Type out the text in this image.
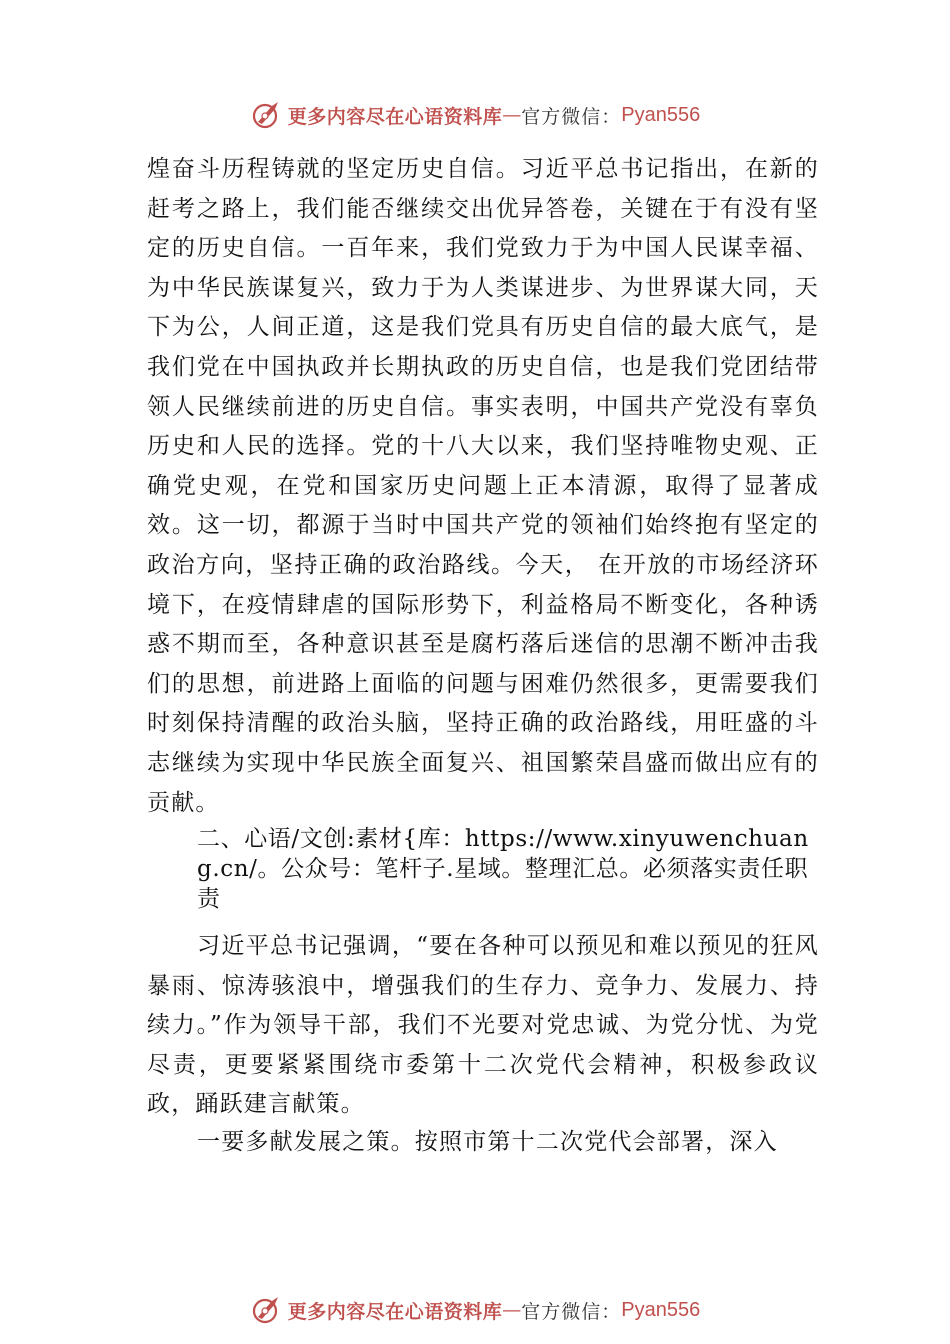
更多内容尽在心语资料库 — 官方微信： Pyan556

煌奋斗历程铸就的坚定历史自信。习近平总书记指出，在新的赶考之路上，我们能否继续交出优异答卷，关键在于有没有坚定的历史自信。一百年来，我们党致力于为中国人民谋幸福、为中华民族谋复兴，致力于为人类谋进步、为世界谋大同，天下为公，人间正道，这是我们党具有历史自信的最大底气，是我们党在中国执政并长期执政的历史自信，也是我们党团结带领人民继续前进的历史自信。事实表明，中国共产党没有辜负历史和人民的选择。党的十八大以来，我们坚持唯物史观、正确党史观，在党和国家历史问题上正本清源，取得了显著成效。这一切，都源于当时中国共产党的领袖们始终抱有坚定的政治方向，坚持正确的政治路线。今天， 在开放的市场经济环境下，在疫情肆虐的国际形势下，利益格局不断变化，各种诱惑不期而至，各种意识甚至是腐朽落后迷信的思潮不断冲击我们的思想，前进路上面临的问题与困难仍然很多，更需要我们时刻保持清醒的政治头脑，坚持正确的政治路线，用旺盛的斗志继续为实现中华民族全面复兴、祖国繁荣昌盛而做出应有的贡献。

二、心语/文创:素材{库：https://www.xinyuwenchuang.cn/。公众号：笔杆子.星域。整理汇总。必须落实责任职责

习近平总书记强调，“要在各种可以预见和难以预见的狂风暴雨、惊涛骇浪中，增强我们的生存力、竞争力、发展力、持续力。”作为领导干部，我们不光要对党忠诚、为党分忧、为党尽责，更要紧紧围绕市委第十二次党代会精神，积极参政议政，踊跃建言献策。

一要多献发展之策。按照市第十二次党代会部署，深入

更多内容尽在心语资料库 — 官方微信： Pyan556
